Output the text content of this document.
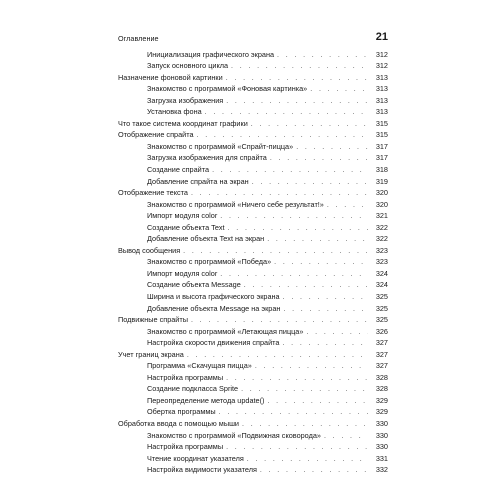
Оглавление	21
Инициализация графического экрана . . .	312
Запуск основного цикла . . .	312
Назначение фоновой картинки . . .	313
Знакомство с программой «Фоновая картинка» . . .	313
Загрузка изображения . . .	313
Установка фона . . .	313
Что такое система координат графики . . .	315
Отображение спрайта . . .	315
Знакомство с программой «Спрайт-пицца» . . .	317
Загрузка изображения для спрайта . . .	317
Создание спрайта . . .	318
Добавление спрайта на экран . . .	319
Отображение текста . . .	320
Знакомство с программой «Ничего себе результат!» . . .	320
Импорт модуля color . . .	321
Создание объекта Text . . .	322
Добавление объекта Text на экран . . .	322
Вывод сообщения . . .	323
Знакомство с программой «Победа» . . .	323
Импорт модуля color . . .	324
Создание объекта Message . . .	324
Ширина и высота графического экрана . . .	325
Добавление объекта Message на экран . . .	325
Подвижные спрайты . . .	325
Знакомство с программой «Летающая пицца» . . .	326
Настройка скорости движения спрайта . . .	327
Учет границ экрана . . .	327
Программа «Скачущая пицца» . . .	327
Настройка программы . . .	328
Создание подкласса Sprite . . .	328
Переопределение метода update() . . .	329
Обертка программы . . .	329
Обработка ввода с помощью мыши . . .	330
Знакомство с программой «Подвижная сковорода» . . .	330
Настройка программы . . .	330
Чтение координат указателя . . .	331
Настройка видимости указателя . . .	332
